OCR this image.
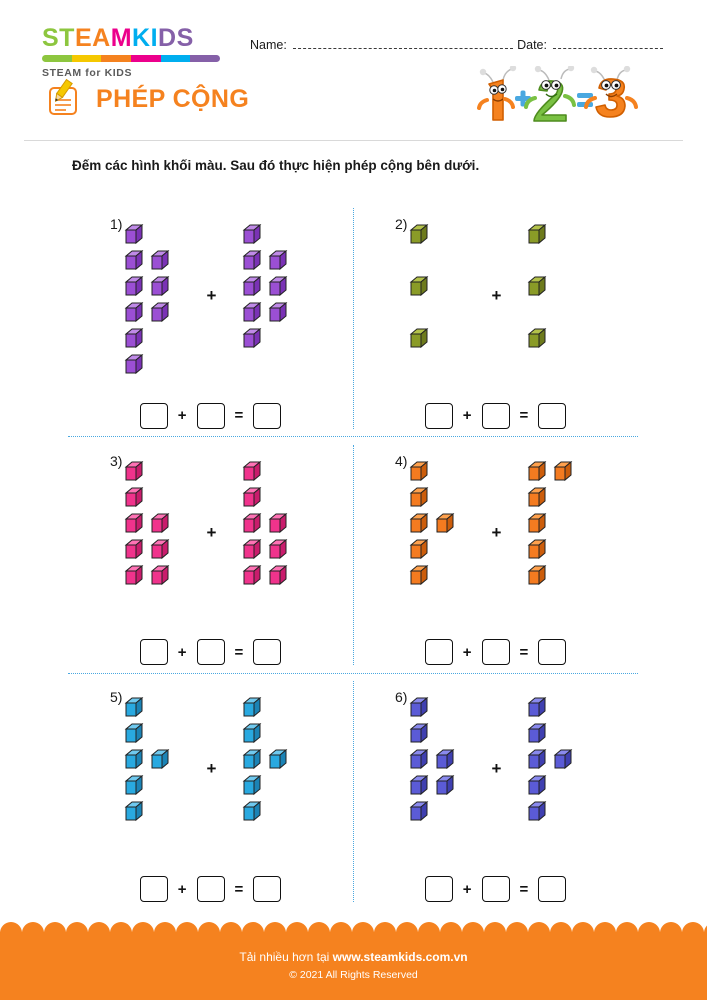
STEAMKIDS
STEAM for KIDS
Name:	Date:
PHÉP CỘNG
Đếm các hình khối màu. Sau đó thực hiện phép cộng bên dưới.
1)
+
+	=
2)
+
+	=
3)
+
+	=
4)
+
+	=
5)
+
+	=
6)
+
+	=
Tải nhiều hơn tại www.steamkids.com.vn
© 2021 All Rights Reserved
